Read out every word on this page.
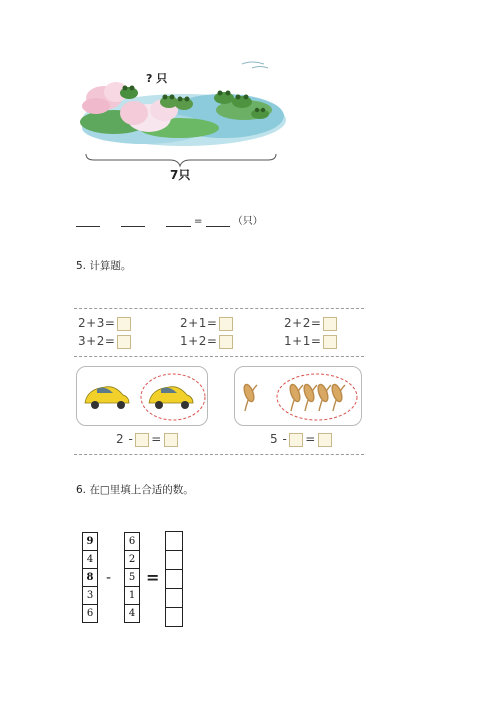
? 只
7只
=	（只）
5. 计算题。
2+3=	2+1=	2+2=
3+2=	1+2=	1+1=
2 - =	5 - =
6. 在□里填上合适的数。
9
4
8
3
6
-
6
2
5
1
4
=
